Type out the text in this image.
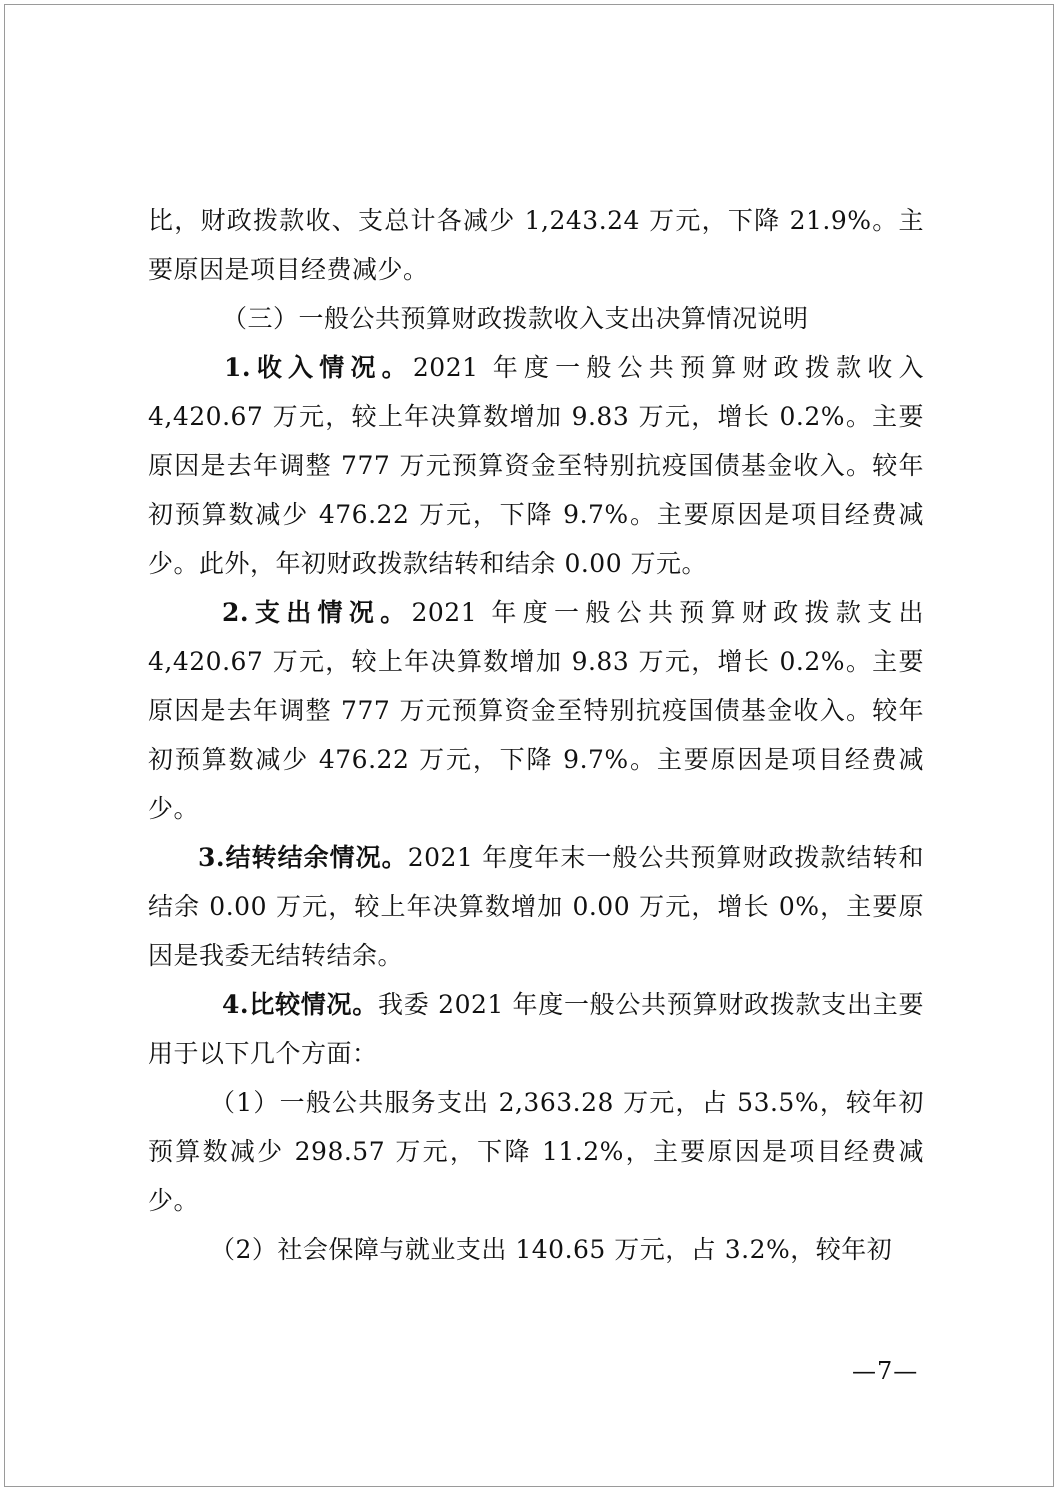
比，财政拨款收、支总计各减少 1,243.24 万元，下降 21.9%。主要原因是项目经费减少。

（三）一般公共预算财政拨款收入支出决算情况说明

1.收入情况。2021 年度一般公共预算财政拨款收入 4,420.67 万元，较上年决算数增加 9.83 万元，增长 0.2%。主要原因是去年调整 777 万元预算资金至特别抗疫国债基金收入。较年初预算数减少 476.22 万元，下降 9.7%。主要原因是项目经费减少。此外，年初财政拨款结转和结余 0.00 万元。

2.支出情况。2021 年度一般公共预算财政拨款支出 4,420.67 万元，较上年决算数增加 9.83 万元，增长 0.2%。主要原因是去年调整 777 万元预算资金至特别抗疫国债基金收入。较年初预算数减少 476.22 万元，下降 9.7%。主要原因是项目经费减少。

3.结转结余情况。2021 年度年末一般公共预算财政拨款结转和结余 0.00 万元，较上年决算数增加 0.00 万元，增长 0%，主要原因是我委无结转结余。

4.比较情况。我委 2021 年度一般公共预算财政拨款支出主要用于以下几个方面：

（1）一般公共服务支出 2,363.28 万元，占 53.5%，较年初预算数减少 298.57 万元，下降 11.2%，主要原因是项目经费减少。

（2）社会保障与就业支出 140.65 万元，占 3.2%，较年初

—7—
